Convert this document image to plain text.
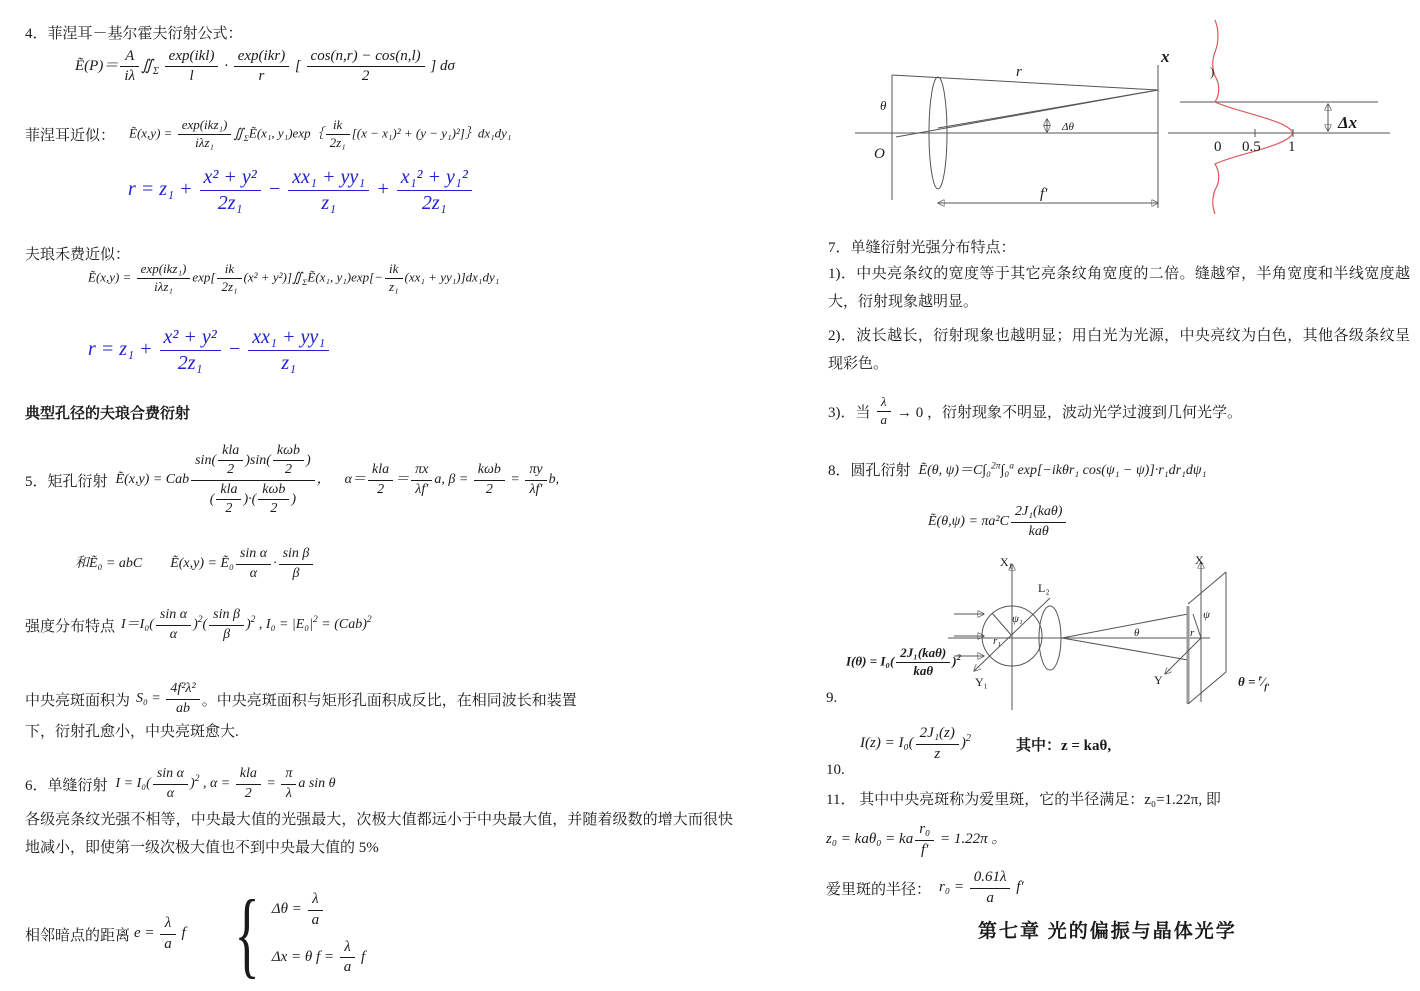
4．菲涅耳－基尔霍夫衍射公式：
Ẽ(P)＝ $\frac{A}{i\lambda}$ $∬_\Sigma \frac{\text{exp(ikl)}}{l} \cdot \frac{\text{exp(ikr)}}{r}$ [ $\frac{\cos(n,r) - \cos(n,l)}{2}$ ] dσ
菲涅耳近似： Ẽ(x,y) = $\frac{\text{exp(ikz₁)}}{\text{iλz₁}}$ $∬_\Sigma Ẽ(x_1$, y₁)exp｛ $\frac{ik}{\text{2z₁}} [(x - x_1)^2 + (y$ − y₁)²]｝dx₁dy₁
$r = z_1 + \frac{\text{x² + y²}}{\text{2z₁}} - \frac{\text{xx₁ + yy₁}}{\text{z₁}} + \frac{\text{x₁² + y₁²}}{\text{2z₁}}$
夫琅禾费近似：
Ẽ(x,y) = $\frac{\text{exp(ikz₁)}}{\text{iλz₁}} \exp[ \frac{ik}{\text{2z₁}} (x^2$ + $y^2)]∬_\Sigma Ẽ(x_1$, $y_1)\exp[- \frac{ik}{\text{z₁}} (xx_1 + yy_1)]dx_1dy_1$
$r = z_1 + \frac{\text{x² + y²}}{\text{2z₁}} - \frac{\text{xx₁ + yy₁}}{\text{z₁}}$
典型孔径的夫琅合费衍射
5．矩孔衍射 Ẽ(x,y) = Cab $\frac{\sin( \frac{\text{kla}}{2} )\sin( \frac{\text{kωb}}{2} )}{( \frac{\text{kla}}{2} )\cdot( \frac{\text{kωb}}{2} )}$ ， $\alpha= \frac{\text{kla}}{2} = \frac{\pi x}{\lambda f'} a$, $\beta = \frac{\text{kωb}}{2} = \frac{\pi y}{\lambda f'} b$,
和Ẽ₀ = abC　　Ẽ(x,y) = Ẽ₀ $\frac{\text{sin α}}{\alpha} \cdot \frac{\text{sin β}}{\beta}$
强度分布特点 $I=I_0( \frac{\text{sin α}}{\alpha} )^2( \frac{\text{sin β}}{\beta} )^2$ , $I_0 = |E_0|^2 = (Cab)^2$
中央亮斑面积为 $S_0 = \frac{\text{4f²λ²}}{ab}$ 。中央亮斑面积与矩形孔面积成反比，在相同波长和装置
下，衍射孔愈小，中央亮斑愈大.
6．单缝衍射 $I = I_0( \frac{\text{sin α}}{\alpha} )^2$ , $\alpha = \frac{\text{kla}}{2} = \frac{\pi}{\lambda}$ a sin θ
各级亮条纹光强不相等，中央最大值的光强最大，次极大值都远小于中央最大值，并随着级数的增大而很快地减小，即使第一级次极大值也不到中央最大值的 5%
相邻暗点的距离 $e = \frac{\lambda}{a}$ f { $\Delta\theta = \frac{\lambda}{a}$
Δx = θ $f = \frac{\lambda}{a}$ f
θ
O
r
Δθ
x
f′
)
0 0.5 1
Δx
7．单缝衍射光强分布特点：
1)．中央亮条纹的宽度等于其它亮条纹角宽度的二倍。缝越窄，半角宽度和半线宽度越大，衍射现象越明显。
2)．波长越长，衍射现象也越明显；用白光为光源，中央亮纹为白色，其他各级条纹呈现彩色。
3)．当 $\frac{\lambda}{a} \to 0$ ，衍射现象不明显，波动光学过渡到几何光学。
8．圆孔衍射 Ẽ(θ, ψ)＝C∫₀$^{2\pi}$∫₀$^a$ exp[−ikθr₁ cos(ψ₁ − ψ)]·r₁dr₁dψ₁
Ẽ(θ,ψ) = $\pi a^2C \frac{\text{2J₁(kaθ)}}{\text{kaθ}}$
X₁
Y₁
L₂
ψ₁
r₁
θ
X
Y
ψ
r
$\theta = ^r∕_{f'}$
$I(\theta) = I_0( \frac{\text{2J₁(kaθ)}}{\text{kaθ}} )^2$
9.
$I(z) = I_0( \frac{\text{2J₁(z)}}{z} )^2$	其中：z = kaθ,
10.
11． 其中中央亮斑称为爱里斑，它的半径满足：z₀=1.22π, 即
z₀ = kaθ₀ = ka $\frac{\text{r₀}}{f'} = 1.22\pi$ 。
爱里斑的半径： $r_0 = \frac{0.61\lambda}{a} f'$
第七章 光的偏振与晶体光学
